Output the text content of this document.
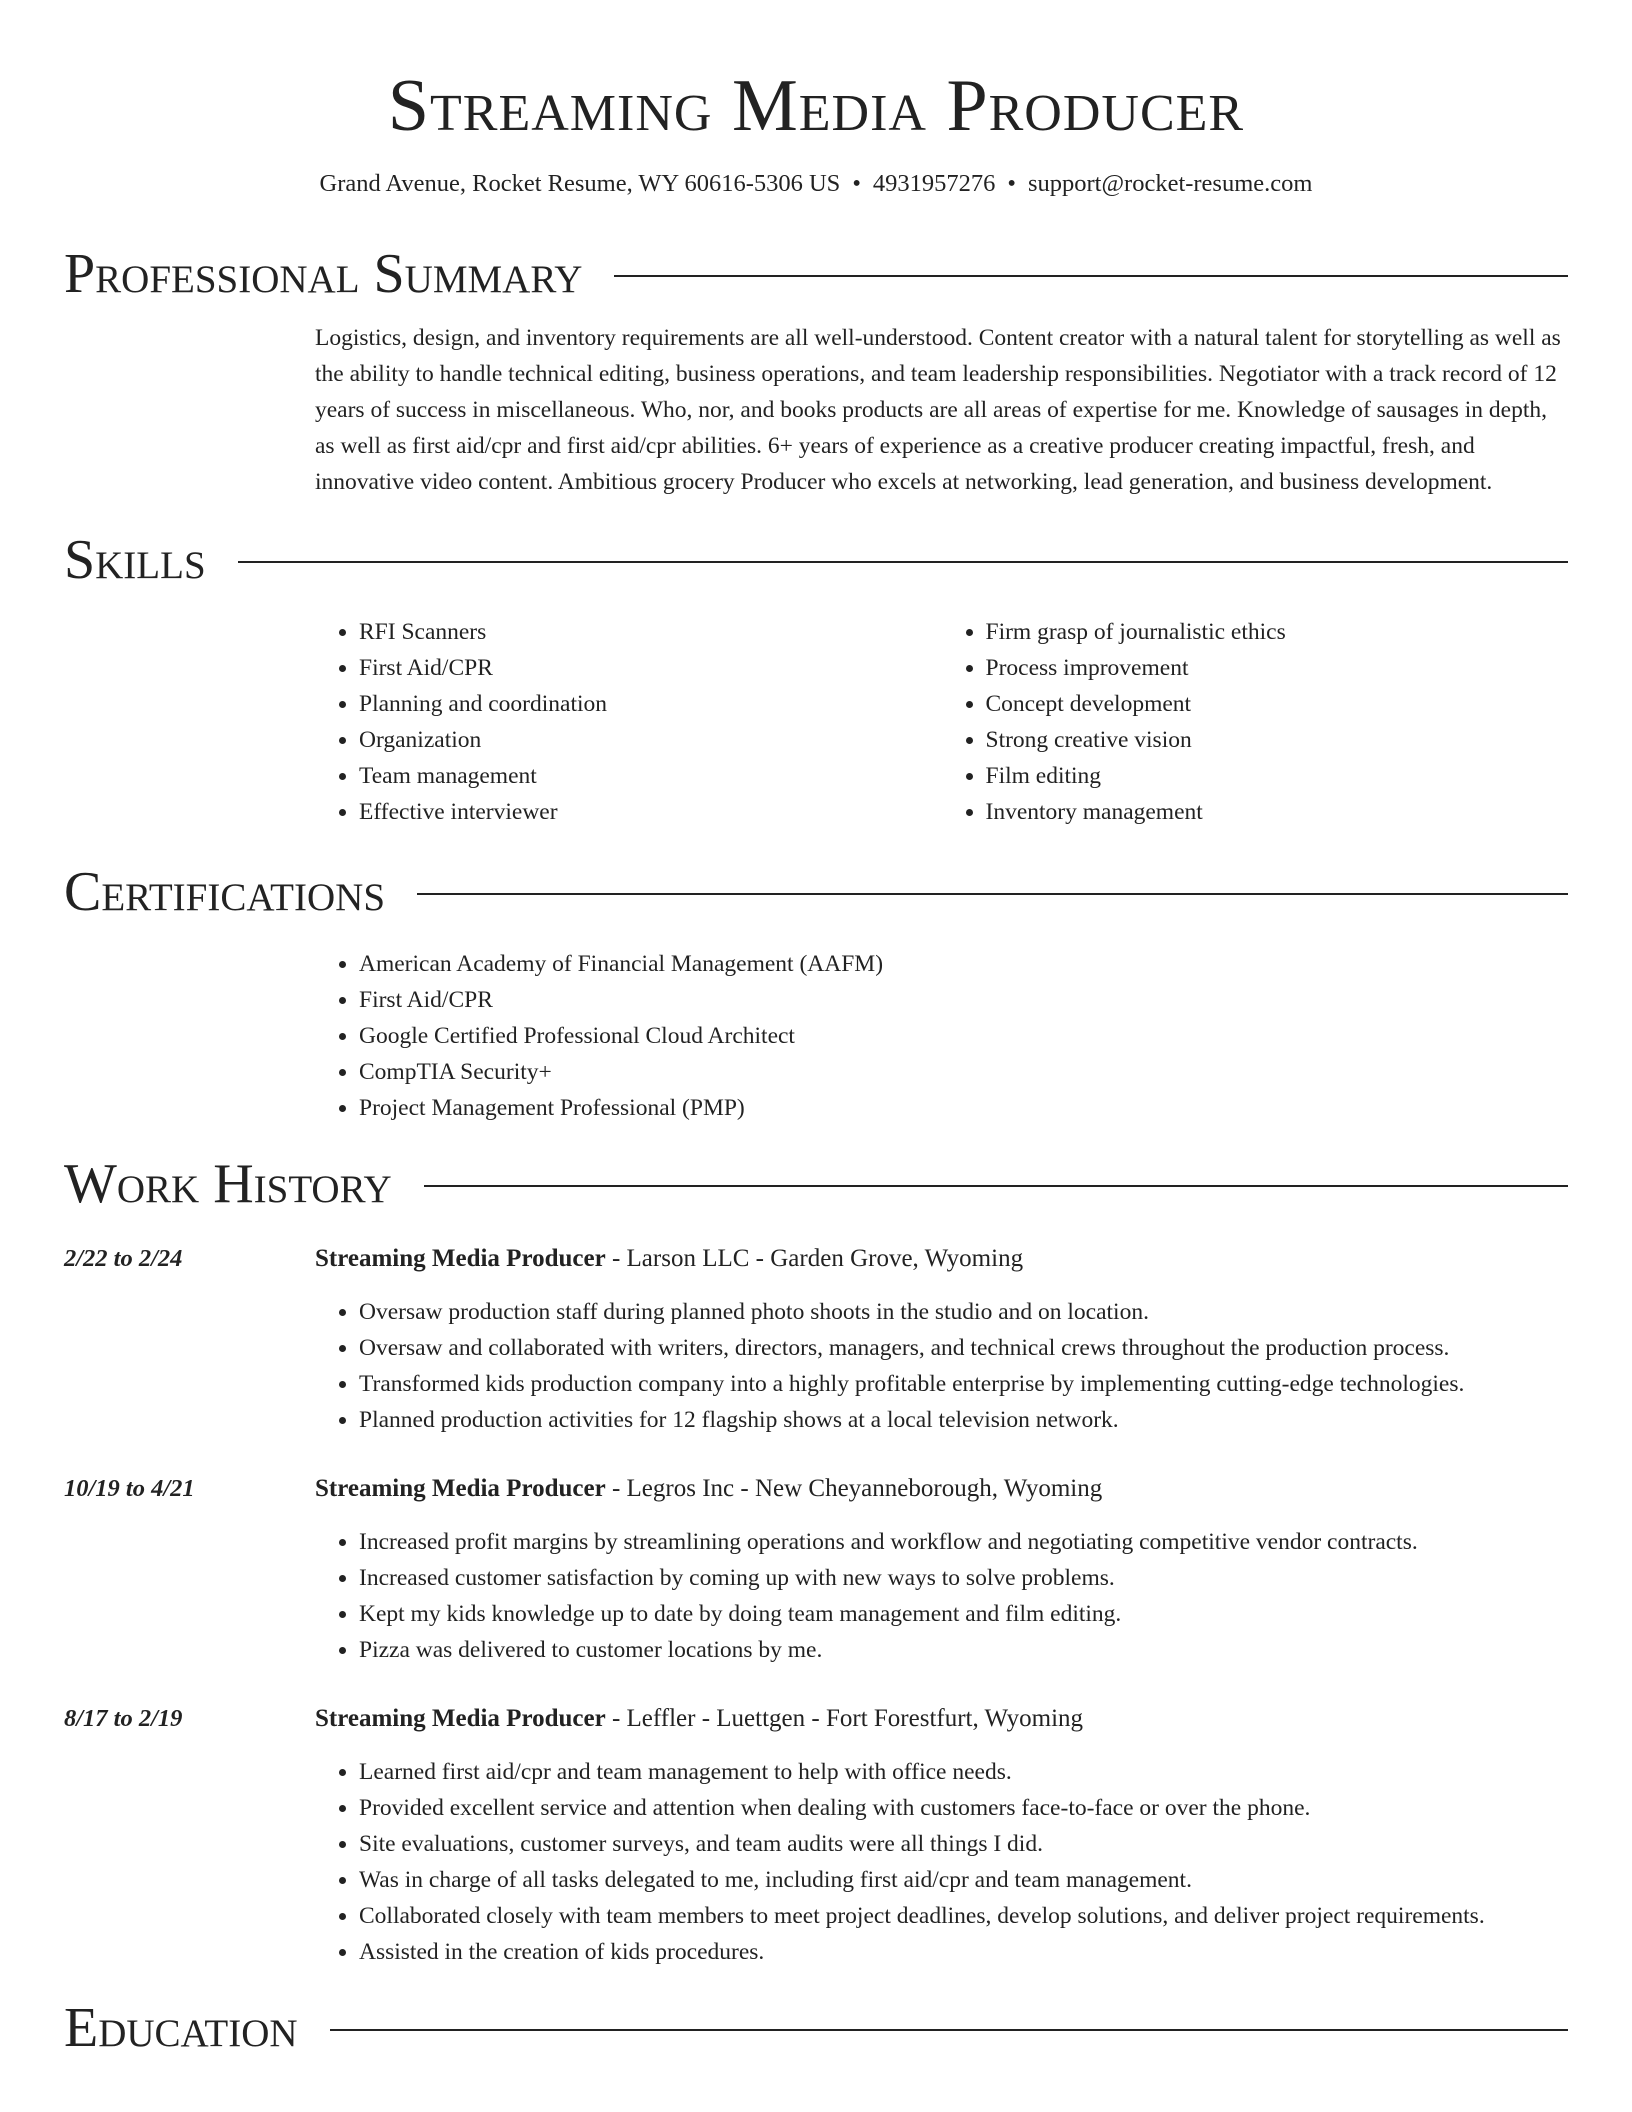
Streaming Media Producer
Grand Avenue, Rocket Resume, WY 60616-5306 US • 4931957276 • support@rocket-resume.com
Professional Summary

Logistics, design, and inventory requirements are all well-understood. Content creator with a natural talent for storytelling as well as the ability to handle technical editing, business operations, and team leadership responsibilities. Negotiator with a track record of 12 years of success in miscellaneous. Who, nor, and books products are all areas of expertise for me. Knowledge of sausages in depth, as well as first aid/cpr and first aid/cpr abilities. 6+ years of experience as a creative producer creating impactful, fresh, and innovative video content. Ambitious grocery Producer who excels at networking, lead generation, and business development.

Skills
• RFI Scanners
• First Aid/CPR
• Planning and coordination
• Organization
• Team management
• Effective interviewer
• Firm grasp of journalistic ethics
• Process improvement
• Concept development
• Strong creative vision
• Film editing
• Inventory management
Certifications
• American Academy of Financial Management (AAFM)
• First Aid/CPR
• Google Certified Professional Cloud Architect
• CompTIA Security+
• Project Management Professional (PMP)
Work History
2/22 to 2/24	Streaming Media Producer - Larson LLC - Garden Grove, Wyoming

• Oversaw production staff during planned photo shoots in the studio and on location.
• Oversaw and collaborated with writers, directors, managers, and technical crews throughout the production process.
• Transformed kids production company into a highly profitable enterprise by implementing cutting-edge technologies.
• Planned production activities for 12 flagship shows at a local television network.
10/19 to 4/21	Streaming Media Producer - Legros Inc - New Cheyanneborough, Wyoming

• Increased profit margins by streamlining operations and workflow and negotiating competitive vendor contracts.
• Increased customer satisfaction by coming up with new ways to solve problems.
• Kept my kids knowledge up to date by doing team management and film editing.
• Pizza was delivered to customer locations by me.
8/17 to 2/19	Streaming Media Producer - Leffler - Luettgen - Fort Forestfurt, Wyoming

• Learned first aid/cpr and team management to help with office needs.
• Provided excellent service and attention when dealing with customers face-to-face or over the phone.
• Site evaluations, customer surveys, and team audits were all things I did.
• Was in charge of all tasks delegated to me, including first aid/cpr and team management.
• Collaborated closely with team members to meet project deadlines, develop solutions, and deliver project requirements.
• Assisted in the creation of kids procedures.
Education
